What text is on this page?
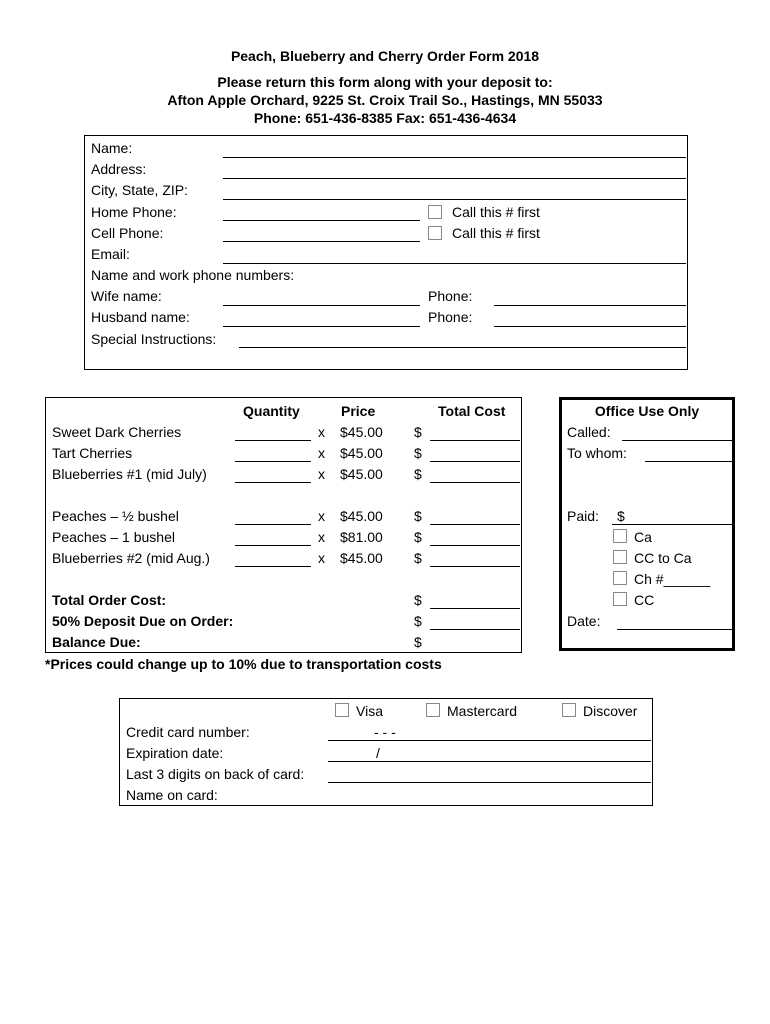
Peach, Blueberry and Cherry Order Form 2018
Please return this form along with your deposit to:
Afton Apple Orchard, 9225 St. Croix Trail So., Hastings, MN 55033
Phone: 651-436-8385 Fax: 651-436-4634
Name:
Address:
City, State, ZIP:
Home Phone:	Call this # first
Cell Phone:	Call this # first
Email:
Name and work phone numbers:
Wife name:	Phone:
Husband name:	Phone:
Special Instructions:
Quantity	Price	Total Cost
Sweet Dark Cherries	x $45.00 $
Tart Cherries	x $45.00 $
Blueberries #1 (mid July)	x $45.00 $
Peaches – ½ bushel	x $45.00 $
Peaches – 1 bushel	x $81.00 $
Blueberries #2 (mid Aug.)	x $45.00 $
Total Order Cost:	$
50% Deposit Due on Order:	$
Balance Due:	$
*Prices could change up to 10% due to transportation costs
Office Use Only
Called:
To whom:
Paid: $
Ca
CC to Ca
Ch #______
CC
Date:
Visa	Mastercard	Discover
Credit card number:	- - -
Expiration date:	/
Last 3 digits on back of card:
Name on card:
